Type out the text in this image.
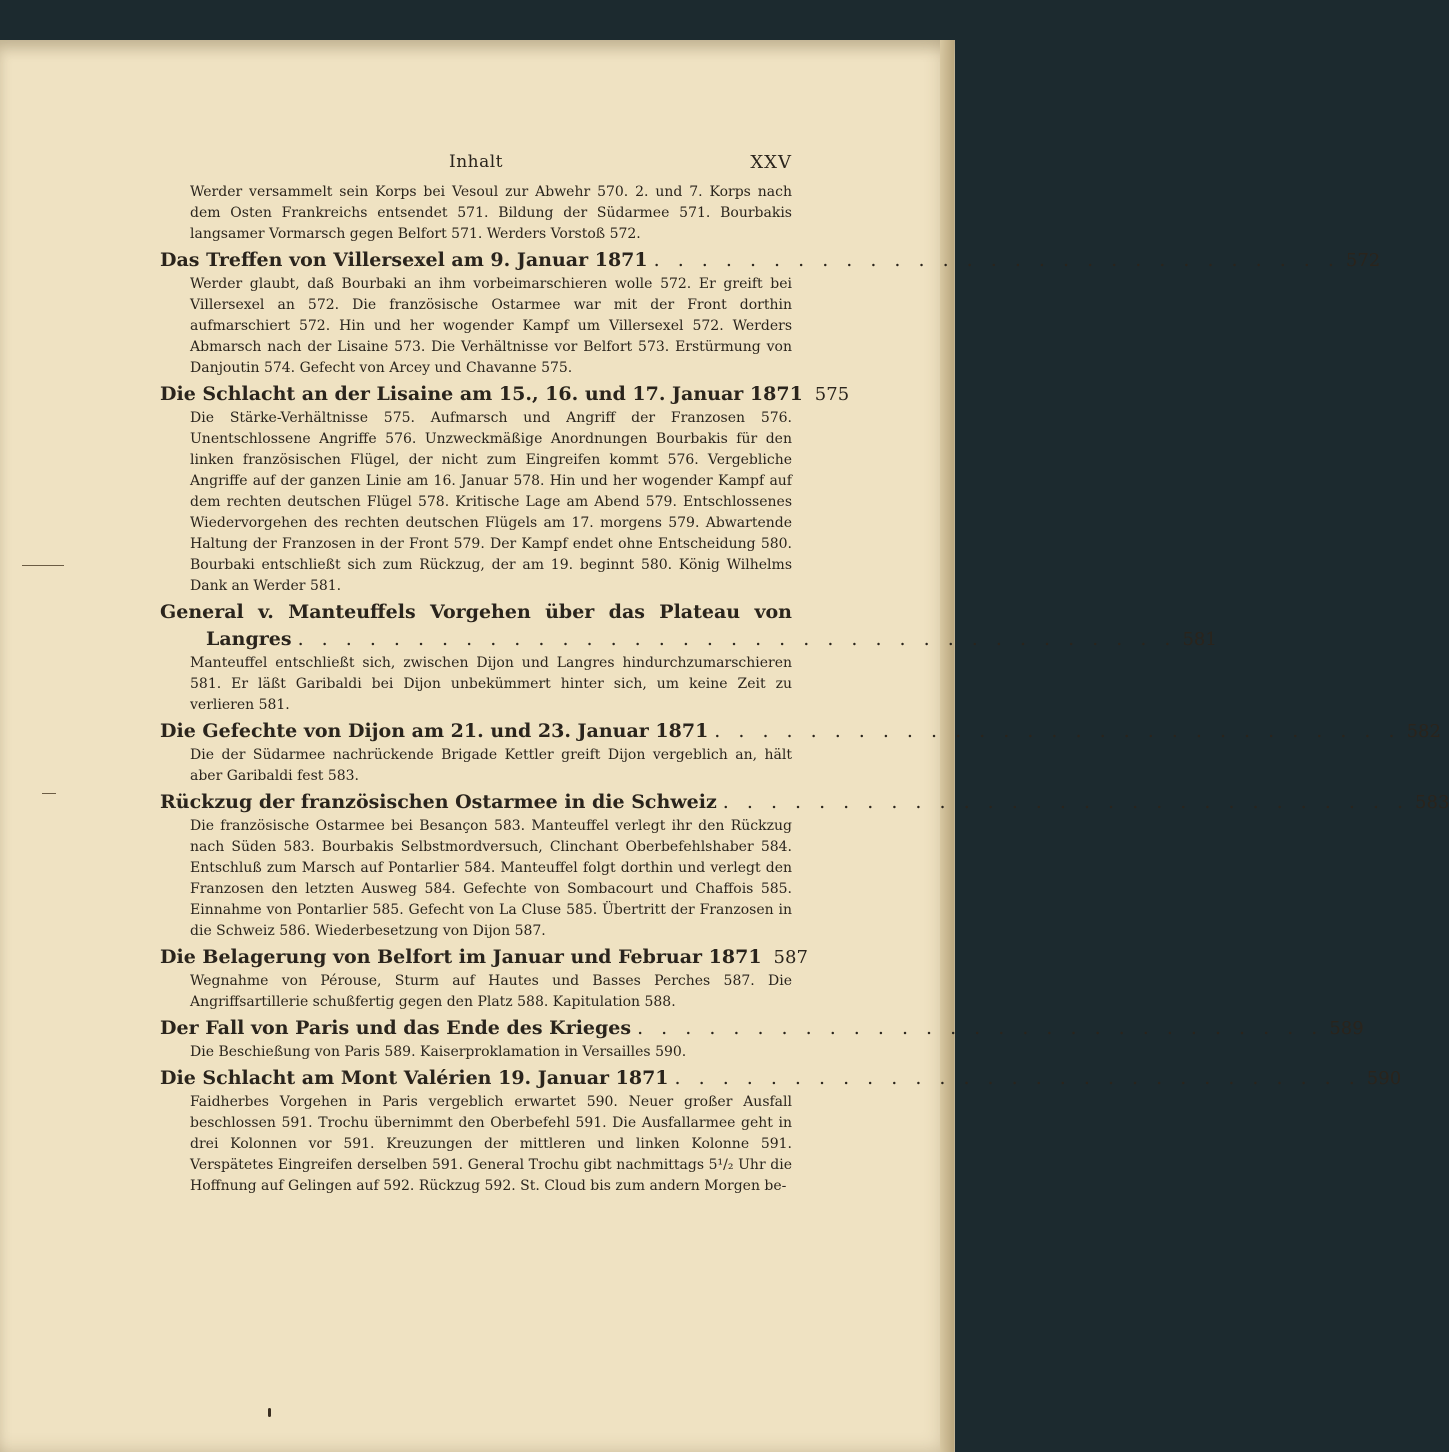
Inhalt	XXV

Werder versammelt sein Korps bei Vesoul zur Abwehr 570. 2. und 7. Korps nach dem Osten Frankreichs entsendet 571. Bildung der Südarmee 571. Bourbakis langsamer Vormarsch gegen Belfort 571. Werders Vorstoß 572.

Das Treffen von Villersexel am 9. Januar 1871 . . . . . . . . . . . . . . . . . . . . . . . . . . . . . 572

Werder glaubt, daß Bourbaki an ihm vorbeimarschieren wolle 572. Er greift bei Villersexel an 572. Die französische Ostarmee war mit der Front dorthin aufmarschiert 572. Hin und her wogender Kampf um Villersexel 572. Werders Abmarsch nach der Lisaine 573. Die Verhältnisse vor Belfort 573. Erstürmung von Danjoutin 574. Gefecht von Arcey und Chavanne 575.

Die Schlacht an der Lisaine am 15., 16. und 17. Januar 1871 575

Die Stärke-Verhältnisse 575. Aufmarsch und Angriff der Franzosen 576. Unentschlossene Angriffe 576. Unzweckmäßige Anordnungen Bourbakis für den linken französischen Flügel, der nicht zum Eingreifen kommt 576. Vergebliche Angriffe auf der ganzen Linie am 16. Januar 578. Hin und her wogender Kampf auf dem rechten deutschen Flügel 578. Kritische Lage am Abend 579. Entschlossenes Wiedervorgehen des rechten deutschen Flügels am 17. morgens 579. Abwartende Haltung der Franzosen in der Front 579. Der Kampf endet ohne Entscheidung 580. Bourbaki entschließt sich zum Rückzug, der am 19. beginnt 580. König Wilhelms Dank an Werder 581.

General v. Manteuffels Vorgehen über das Plateau von
Langres . . . . . . . . . . . . . . . . . . . . . . . . . . . . . . . . . . . . . 581

Manteuffel entschließt sich, zwischen Dijon und Langres hindurchzumarschieren 581. Er läßt Garibaldi bei Dijon unbekümmert hinter sich, um keine Zeit zu verlieren 581.

Die Gefechte von Dijon am 21. und 23. Januar 1871 . . . . . . . . . . . . . . . . . . . . . . . . . . . . . 582

Die der Südarmee nachrückende Brigade Kettler greift Dijon vergeblich an, hält aber Garibaldi fest 583.

Rückzug der französischen Ostarmee in die Schweiz . . . . . . . . . . . . . . . . . . . . . . . . . . . . . 583

Die französische Ostarmee bei Besançon 583. Manteuffel verlegt ihr den Rückzug nach Süden 583. Bourbakis Selbstmordversuch, Clinchant Oberbefehlshaber 584. Entschluß zum Marsch auf Pontarlier 584. Manteuffel folgt dorthin und verlegt den Franzosen den letzten Ausweg 584. Gefechte von Sombacourt und Chaffois 585. Einnahme von Pontarlier 585. Gefecht von La Cluse 585. Übertritt der Franzosen in die Schweiz 586. Wiederbesetzung von Dijon 587.

Die Belagerung von Belfort im Januar und Februar 1871 587

Wegnahme von Pérouse, Sturm auf Hautes und Basses Perches 587. Die Angriffsartillerie schußfertig gegen den Platz 588. Kapitulation 588.

Der Fall von Paris und das Ende des Krieges . . . . . . . . . . . . . . . . . . . . . . . . . . . . . 589

Die Beschießung von Paris 589. Kaiserproklamation in Versailles 590.

Die Schlacht am Mont Valérien 19. Januar 1871 . . . . . . . . . . . . . . . . . . . . . . . . . . . . . 590

Faidherbes Vorgehen in Paris vergeblich erwartet 590. Neuer großer Ausfall beschlossen 591. Trochu übernimmt den Oberbefehl 591. Die Ausfallarmee geht in drei Kolonnen vor 591. Kreuzungen der mittleren und linken Kolonne 591. Verspätetes Eingreifen derselben 591. General Trochu gibt nachmittags 5¹/₂ Uhr die Hoffnung auf Gelingen auf 592. Rückzug 592. St. Cloud bis zum andern Morgen be-
